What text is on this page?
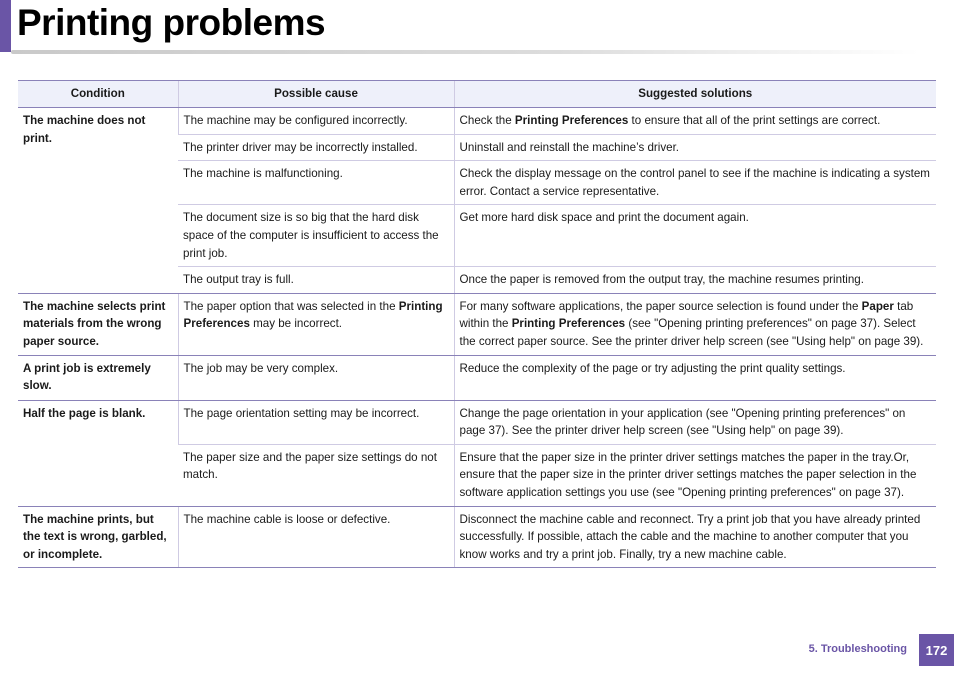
Printing problems
Condition	Possible cause	Suggested solutions
The machine does not print.	The machine may be configured incorrectly.	Check the Printing Preferences to ensure that all of the print settings are correct.
	The printer driver may be incorrectly installed.	Uninstall and reinstall the machine’s driver.
	The machine is malfunctioning.	Check the display message on the control panel to see if the machine is indicating a system error. Contact a service representative.
	The document size is so big that the hard disk space of the computer is insufficient to access the print job.	Get more hard disk space and print the document again.
	The output tray is full.	Once the paper is removed from the output tray, the machine resumes printing.
The machine selects print materials from the wrong paper source.	The paper option that was selected in the Printing Preferences may be incorrect.	For many software applications, the paper source selection is found under the Paper tab within the Printing Preferences (see "Opening printing preferences" on page 37). Select the correct paper source. See the printer driver help screen (see "Using help" on page 39).
A print job is extremely slow.	The job may be very complex.	Reduce the complexity of the page or try adjusting the print quality settings.
Half the page is blank.	The page orientation setting may be incorrect.	Change the page orientation in your application (see "Opening printing preferences" on page 37). See the printer driver help screen (see "Using help" on page 39).
	The paper size and the paper size settings do not match.	Ensure that the paper size in the printer driver settings matches the paper in the tray.Or, ensure that the paper size in the printer driver settings matches the paper selection in the software application settings you use (see "Opening printing preferences" on page 37).
The machine prints, but the text is wrong, garbled, or incomplete.	The machine cable is loose or defective.	Disconnect the machine cable and reconnect. Try a print job that you have already printed successfully. If possible, attach the cable and the machine to another computer that you know works and try a print job. Finally, try a new machine cable.
5. Troubleshooting	172
